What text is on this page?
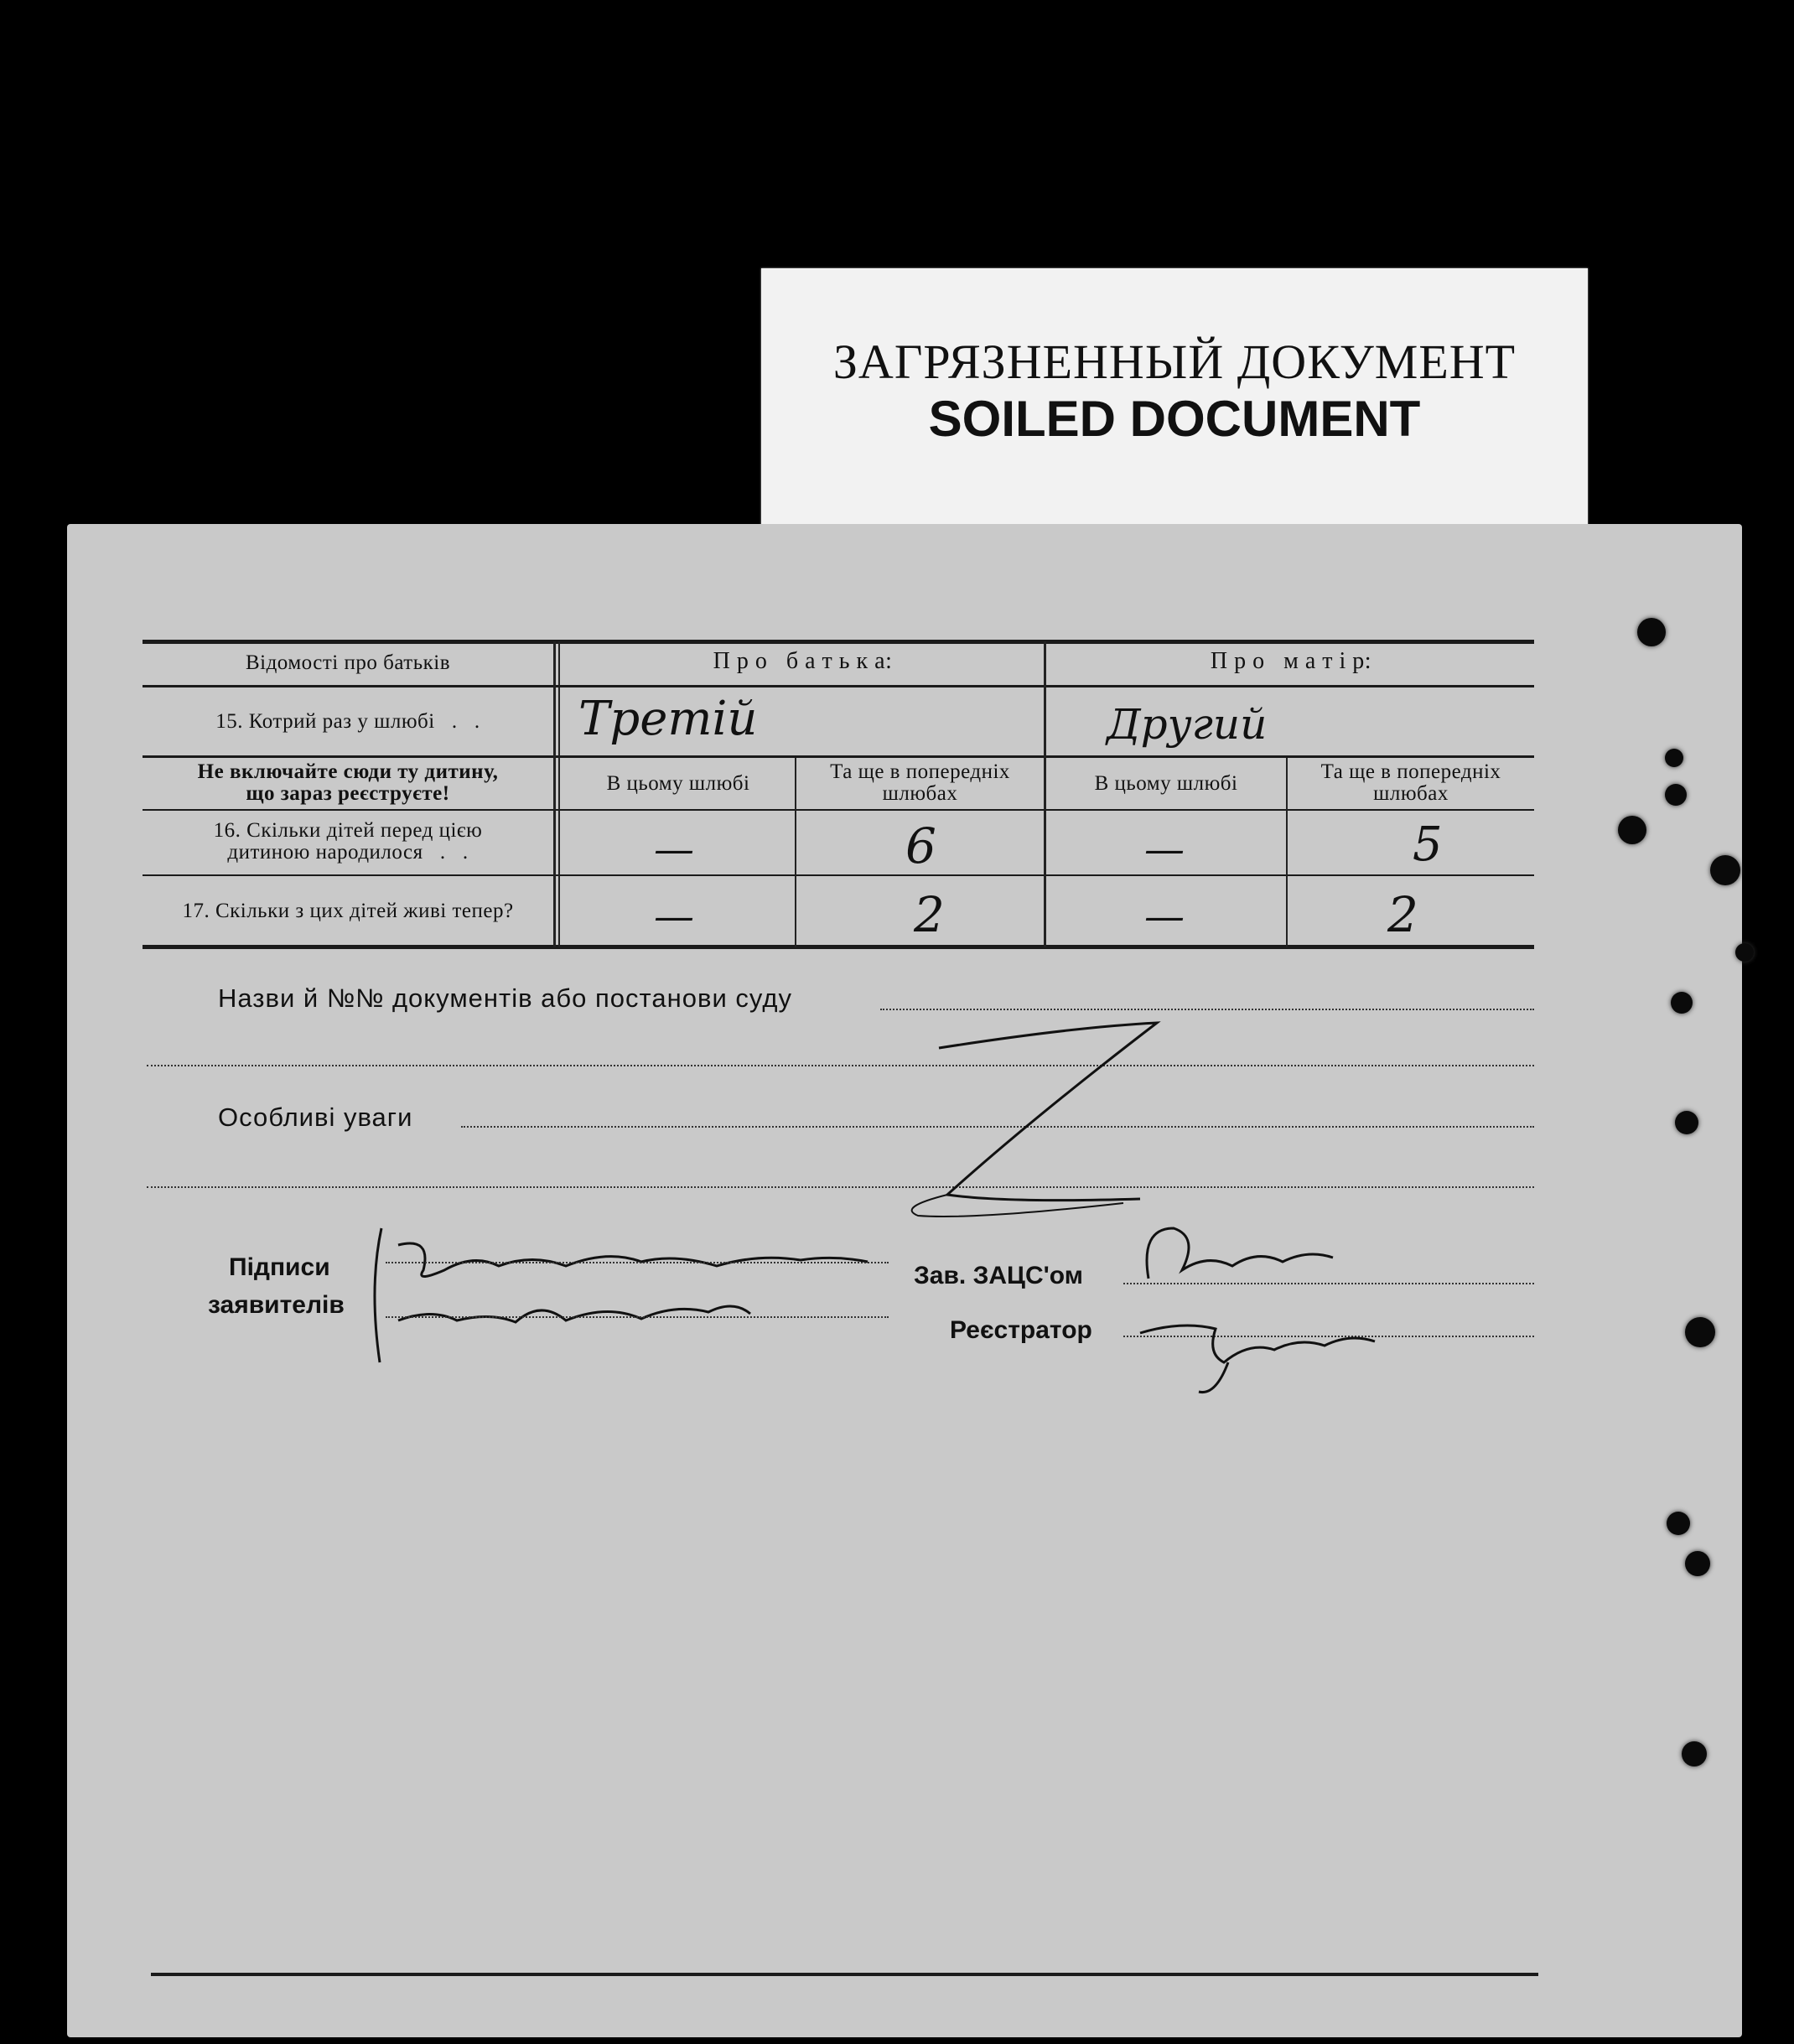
ЗАГРЯЗНЕННЫЙ ДОКУМЕНТ
SOILED DOCUMENT
Відомості про батьків	П р о   б а т ь к а:	П р о   м а т і р:
15. Котрий раз у шлюбі   .   .	Третій	Другий
Не включайте сюди ту дитину,
що зараз реєструєте!	В цьому шлюбі
Та ще в попередніх
шлюбах	В цьому шлюбі
Та ще в попередніх
шлюбах
16. Скільки дітей перед цією
дитиною народилося   .   .	—	6	—	5
17. Скільки з цих дітей живі тепер?	—	2	—	2
Назви й №№ документів або постанови суду
Особливі уваги
Підписи
заявителів
Зав. ЗАЦС'ом
Реєстратор
